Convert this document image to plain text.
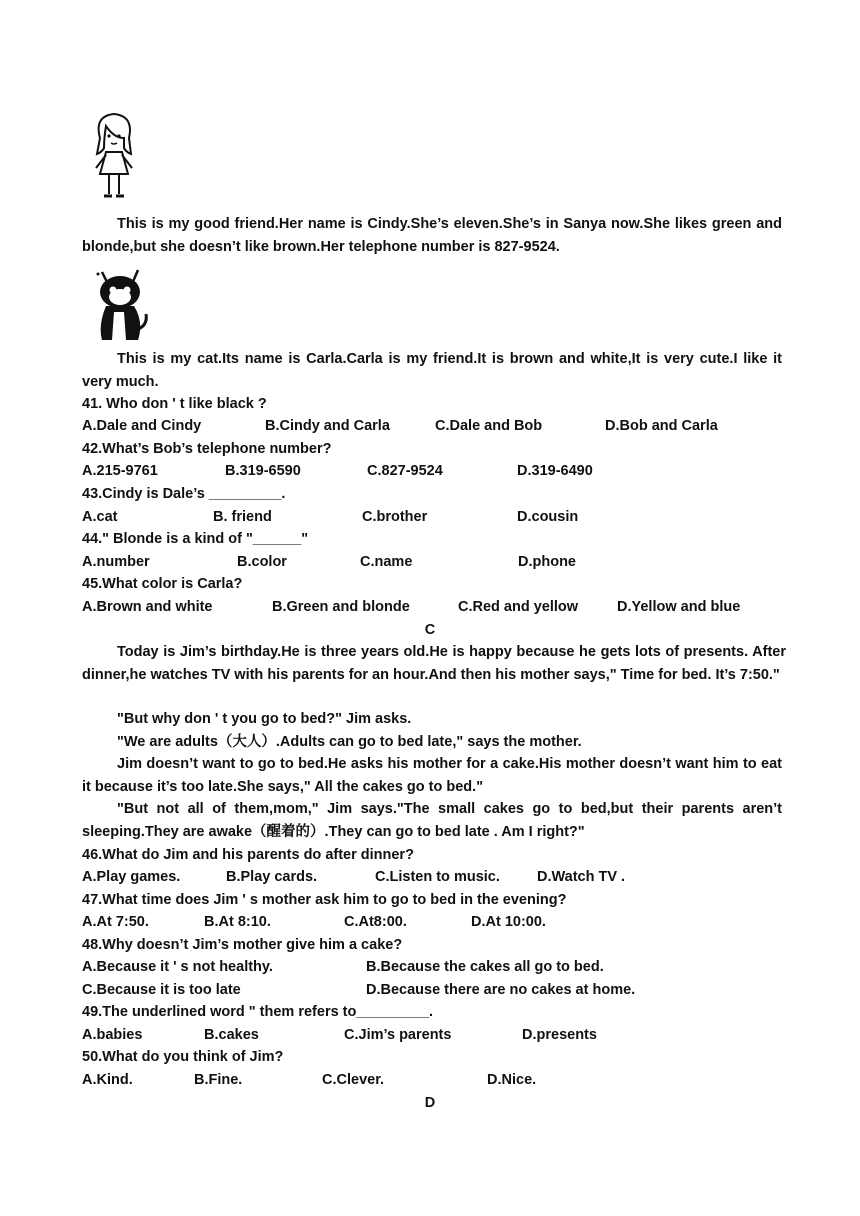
This is my good friend.Her name is Cindy.She’s eleven.She’s in Sanya now.She likes green and blonde,but she doesn’t like brown.Her telephone number is 827-9524.

This is my cat.Its name is Carla.Carla is my friend.It is brown and white,It is very cute.I like it very much.

41. Who don ' t like black ?
A.Dale and Cindy	B.Cindy and Carla	C.Dale and Bob	D.Bob and Carla
42.What’s Bob’s telephone number?
A.215-9761	B.319-6590	C.827-9524	D.319-6490
43.Cindy is Dale’s _________.
A.cat	B. friend	C.brother	D.cousin
44." Blonde is a kind of "______"
A.number	B.color	C.name	D.phone
45.What color is Carla?
A.Brown and white	B.Green and blonde	C.Red and yellow	D.Yellow and blue
C

Today is Jim’s birthday.He is three years old.He is happy because he gets lots of presents. After dinner,he watches TV with his parents for an hour.And then his mother says," Time for bed. It’s 7:50."

"But why don ' t you go to bed?" Jim asks.
"We are adults（大人）.Adults can go to bed late," says the mother.

Jim doesn’t want to go to bed.He asks his mother for a cake.His mother doesn’t want him to eat it because it’s too late.She says," All the cakes go to bed."

"But not all of them,mom," Jim says."The small cakes go to bed,but their parents aren’t sleeping.They are awake（醒着的）.They can go to bed late . Am I right?"

46.What do Jim and his parents do after dinner?
A.Play games.	B.Play cards.	C.Listen to music.	D.Watch TV .
47.What time does Jim ' s mother ask him to go to bed in the evening?
A.At 7:50.	B.At 8:10.	C.At8:00.	D.At 10:00.
48.Why doesn’t Jim’s mother give him a cake?
A.Because it ' s not healthy.	B.Because the cakes all go to bed.
C.Because it is too late	D.Because there are no cakes at home.
49.The underlined word " them refers to_________.
A.babies	B.cakes	C.Jim’s parents	D.presents
50.What do you think of Jim?
A.Kind.	B.Fine.	C.Clever.	D.Nice.
D
